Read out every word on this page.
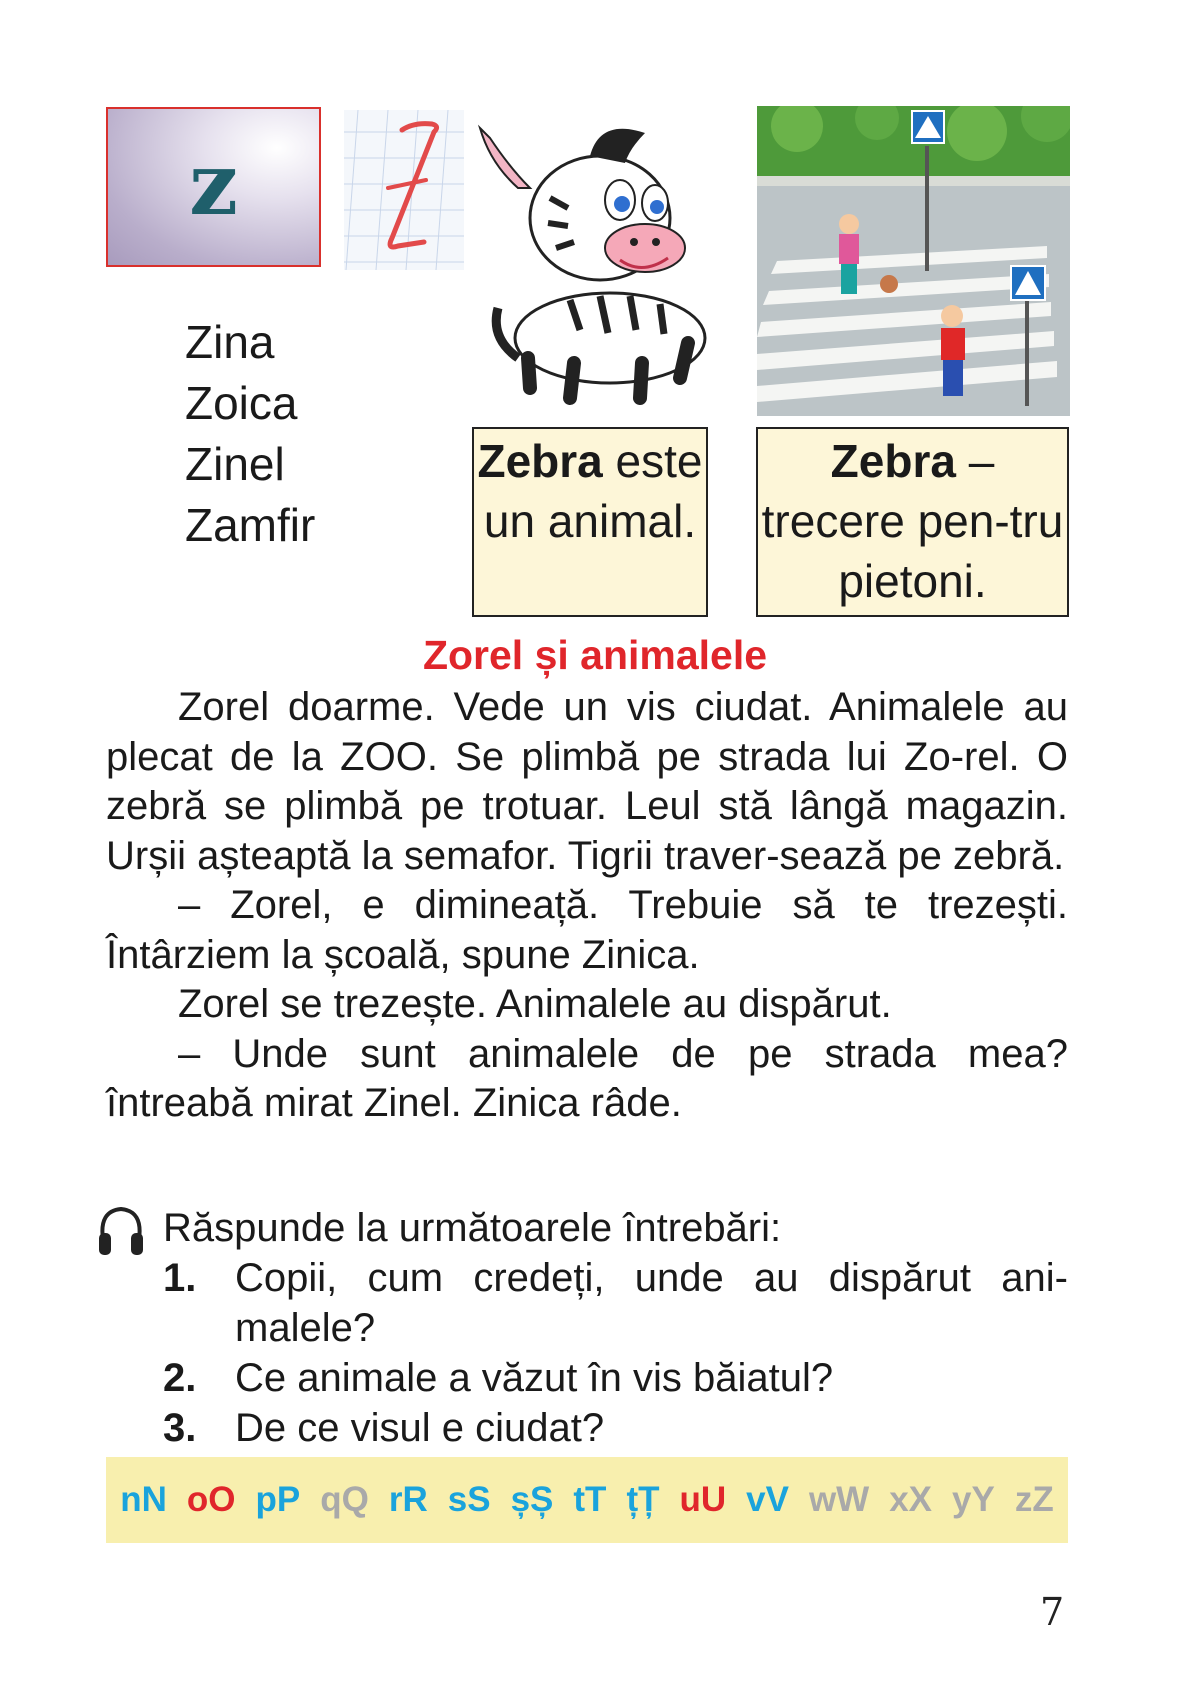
z
Zina
Zoica
Zinel
Zamfir
Zebra este un animal.
Zebra – trecere pen-tru pietoni.
Zorel și animalele

Zorel doarme. Vede un vis ciudat. Animalele au plecat de la ZOO. Se plimbă pe strada lui Zo-rel. O zebră se plimbă pe trotuar. Leul stă lângă magazin. Urșii așteaptă la semafor. Tigrii traver-sează pe zebră.

– Zorel, e dimineață. Trebuie să te trezești. Întârziem la școală, spune Zinica.

Zorel se trezește. Animalele au dispărut.

– Unde sunt animalele de pe strada mea? întreabă mirat Zinel. Zinica râde.

Răspunde la următoarele întrebări:
1. Copii, cum credeți, unde au dispărut ani-malele?
2. Ce animale a văzut în vis băiatul?
3. De ce visul e ciudat?
nN oO pP qQ rR sS șȘ tT țȚ uU vV wW xX yY zZ
7
